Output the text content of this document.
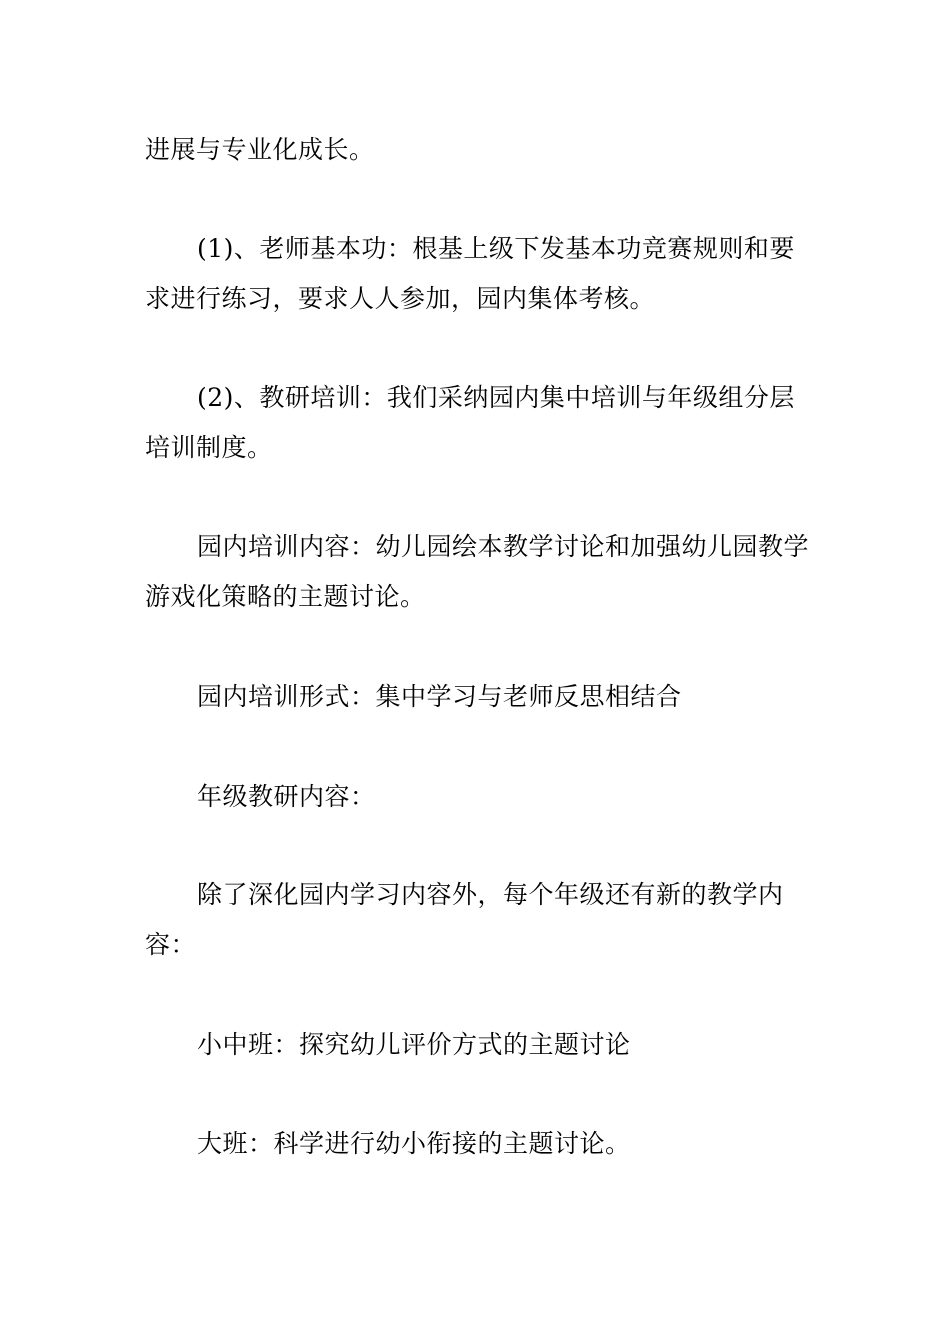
进展与专业化成长。

(1)、老师基本功：根基上级下发基本功竞赛规则和要求进行练习，要求人人参加，园内集体考核。

(2)、教研培训：我们采纳园内集中培训与年级组分层培训制度。

园内培训内容：幼儿园绘本教学讨论和加强幼儿园教学游戏化策略的主题讨论。

园内培训形式：集中学习与老师反思相结合

年级教研内容：

除了深化园内学习内容外，每个年级还有新的教学内容：

小中班：探究幼儿评价方式的主题讨论

大班：科学进行幼小衔接的主题讨论。
